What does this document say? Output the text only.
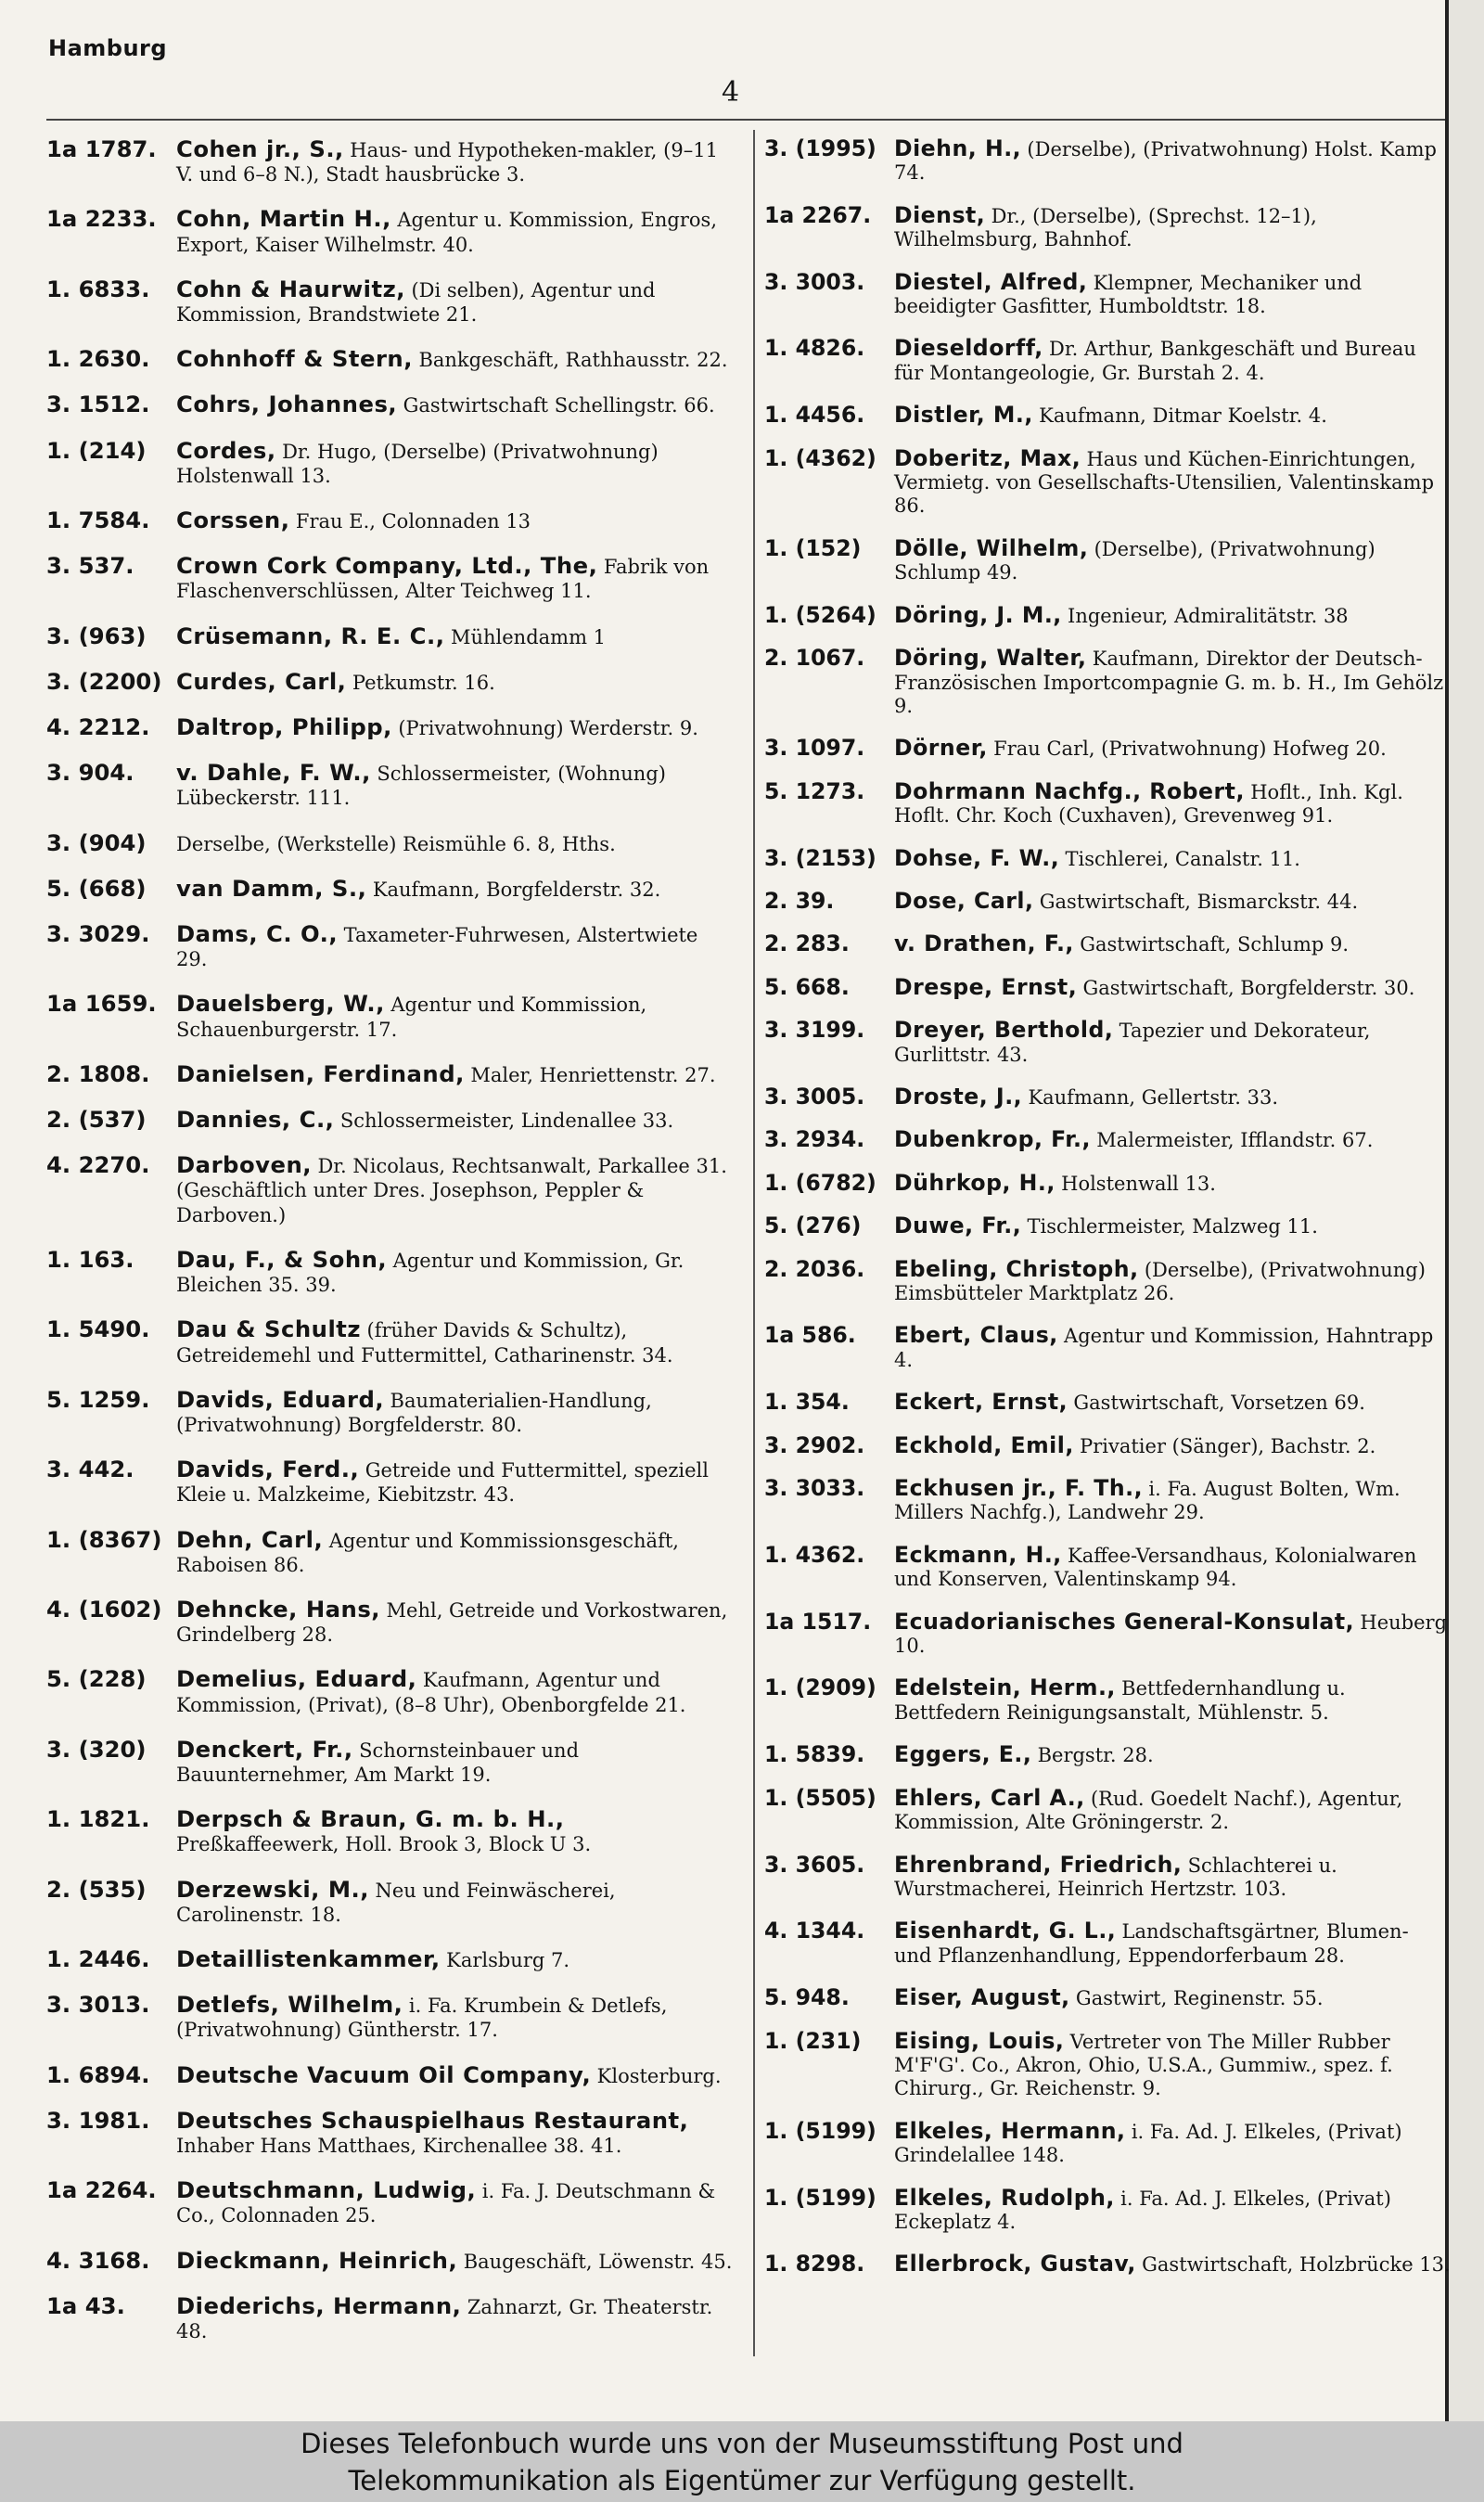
Hamburg
4
1a 1787. Cohen jr., S., Haus- und Hypotheken-makler, (9–11 V. und 6–8 N.), Stadt hausbrücke 3.
1a 2233. Cohn, Martin H., Agentur u. Kommission, Engros, Export, Kaiser Wilhelmstr. 40.
1. 6833.	Cohn & Haurwitz, (Di selben), Agentur und Kommission, Brandstwiete 21.
1. 2630.	Cohnhoff & Stern, Bankgeschäft, Rathhausstr. 22.
3. 1512.	Cohrs, Johannes, Gastwirtschaft Schellingstr. 66.
1. (214)	Cordes, Dr. Hugo, (Derselbe) (Privatwohnung) Holstenwall 13.
1. 7584.	Corssen, Frau E., Colonnaden 13
3. 537.	Crown Cork Company, Ltd., The, Fabrik von Flaschenverschlüssen, Alter Teichweg 11.
3. (963)	Crüsemann, R. E. C., Mühlendamm 1
3. (2200) Curdes, Carl, Petkumstr. 16.
4. 2212.	Daltrop, Philipp, (Privatwohnung) Werderstr. 9.
3. 904.	v. Dahle, F. W., Schlossermeister, (Wohnung) Lübeckerstr. 111.
3. (904)	Derselbe, (Werkstelle) Reismühle 6. 8, Hths.
5. (668)	van Damm, S., Kaufmann, Borgfelderstr. 32.
3. 3029.	Dams, C. O., Taxameter-Fuhrwesen, Alstertwiete 29.
1a 1659. Dauelsberg, W., Agentur und Kommission, Schauenburgerstr. 17.
2. 1808.	Danielsen, Ferdinand, Maler, Henriettenstr. 27.
2. (537)	Dannies, C., Schlossermeister, Lindenallee 33.
4. 2270.	Darboven, Dr. Nicolaus, Rechtsanwalt, Parkallee 31. (Geschäftlich unter Dres. Josephson, Peppler & Darboven.)
1. 163.	Dau, F., & Sohn, Agentur und Kommission, Gr. Bleichen 35. 39.
1. 5490.	Dau & Schultz (früher Davids & Schultz), Getreidemehl und Futtermittel, Catharinenstr. 34.
5. 1259.	Davids, Eduard, Baumaterialien-Handlung, (Privatwohnung) Borgfelderstr. 80.
3. 442.	Davids, Ferd., Getreide und Futtermittel, speziell Kleie u. Malzkeime, Kiebitzstr. 43.
1. (8367) Dehn, Carl, Agentur und Kommissionsgeschäft, Raboisen 86.
4. (1602) Dehncke, Hans, Mehl, Getreide und Vorkostwaren, Grindelberg 28.
5. (228)	Demelius, Eduard, Kaufmann, Agentur und Kommission, (Privat), (8–8 Uhr), Obenborgfelde 21.
3. (320)	Denckert, Fr., Schornsteinbauer und Bauunternehmer, Am Markt 19.
1. 1821.	Derpsch & Braun, G. m. b. H., Preßkaffeewerk, Holl. Brook 3, Block U 3.
2. (535)	Derzewski, M., Neu und Feinwäscherei, Carolinenstr. 18.
1. 2446.	Detaillistenkammer, Karlsburg 7.
3. 3013.	Detlefs, Wilhelm, i. Fa. Krumbein & Detlefs, (Privatwohnung) Güntherstr. 17.
1. 6894.	Deutsche Vacuum Oil Company, Klosterburg.
3. 1981.	Deutsches Schauspielhaus Restaurant, Inhaber Hans Matthaes, Kirchenallee 38. 41.
1a 2264. Deutschmann, Ludwig, i. Fa. J. Deutschmann & Co., Colonnaden 25.
4. 3168.	Dieckmann, Heinrich, Baugeschäft, Löwenstr. 45.
1a 43.	Diederichs, Hermann, Zahnarzt, Gr. Theaterstr. 48.
3. (1995) Diehn, H., (Derselbe), (Privatwohnung) Holst. Kamp 74.
1a 2267.	Dienst, Dr., (Derselbe), (Sprechst. 12–1), Wilhelmsburg, Bahnhof.
3. 3003.	Diestel, Alfred, Klempner, Mechaniker und beeidigter Gasfitter, Humboldtstr. 18.
1. 4826.	Dieseldorff, Dr. Arthur, Bankgeschäft und Bureau für Montangeologie, Gr. Burstah 2. 4.
1. 4456.	Distler, M., Kaufmann, Ditmar Koelstr. 4.
1. (4362) Doberitz, Max, Haus und Küchen-Einrichtungen, Vermietg. von Gesellschafts-Utensilien, Valentinskamp 86.
1. (152)	Dölle, Wilhelm, (Derselbe), (Privatwohnung) Schlump 49.
1. (5264) Döring, J. M., Ingenieur, Admiralitätstr. 38
2. 1067.	Döring, Walter, Kaufmann, Direktor der Deutsch-Französischen Importcompagnie G. m. b. H., Im Gehölz 9.
3. 1097.	Dörner, Frau Carl, (Privatwohnung) Hofweg 20.
5. 1273.	Dohrmann Nachfg., Robert, Hoflt., Inh. Kgl. Hoflt. Chr. Koch (Cuxhaven), Grevenweg 91.
3. (2153) Dohse, F. W., Tischlerei, Canalstr. 11.
2. 39.	Dose, Carl, Gastwirtschaft, Bismarckstr. 44.
2. 283.	v. Drathen, F., Gastwirtschaft, Schlump 9.
5. 668.	Drespe, Ernst, Gastwirtschaft, Borgfelderstr. 30.
3. 3199.	Dreyer, Berthold, Tapezier und Dekorateur, Gurlittstr. 43.
3. 3005.	Droste, J., Kaufmann, Gellertstr. 33.
3. 2934.	Dubenkrop, Fr., Malermeister, Ifflandstr. 67.
1. (6782) Dührkop, H., Holstenwall 13.
5. (276)	Duwe, Fr., Tischlermeister, Malzweg 11.
2. 2036.	Ebeling, Christoph, (Derselbe), (Privatwohnung) Eimsbütteler Marktplatz 26.
1a 586.	Ebert, Claus, Agentur und Kommission, Hahntrapp 4.
1. 354.	Eckert, Ernst, Gastwirtschaft, Vorsetzen 69.
3. 2902.	Eckhold, Emil, Privatier (Sänger), Bachstr. 2.
3. 3033.	Eckhusen jr., F. Th., i. Fa. August Bolten, Wm. Millers Nachfg.), Landwehr 29.
1. 4362.	Eckmann, H., Kaffee-Versandhaus, Kolonialwaren und Konserven, Valentinskamp 94.
1a 1517.	Ecuadorianisches General-Konsulat, Heuberg 10.
1. (2909) Edelstein, Herm., Bettfedernhandlung u. Bettfedern Reinigungsanstalt, Mühlenstr. 5.
1. 5839.	Eggers, E., Bergstr. 28.
1. (5505) Ehlers, Carl A., (Rud. Goedelt Nachf.), Agentur, Kommission, Alte Gröningerstr. 2.
3. 3605.	Ehrenbrand, Friedrich, Schlachterei u. Wurstmacherei, Heinrich Hertzstr. 103.
4. 1344.	Eisenhardt, G. L., Landschaftsgärtner, Blumen- und Pflanzenhandlung, Eppendorferbaum 28.
5. 948.	Eiser, August, Gastwirt, Reginenstr. 55.
1. (231)	Eising, Louis, Vertreter von The Miller Rubber M'F'G'. Co., Akron, Ohio, U.S.A., Gummiw., spez. f. Chirurg., Gr. Reichenstr. 9.
1. (5199) Elkeles, Hermann, i. Fa. Ad. J. Elkeles, (Privat) Grindelallee 148.
1. (5199) Elkeles, Rudolph, i. Fa. Ad. J. Elkeles, (Privat) Eckeplatz 4.
1. 8298.	Ellerbrock, Gustav, Gastwirtschaft, Holzbrücke 13.
Dieses Telefonbuch wurde uns von der Museumsstiftung Post und
Telekommunikation als Eigentümer zur Verfügung gestellt.
